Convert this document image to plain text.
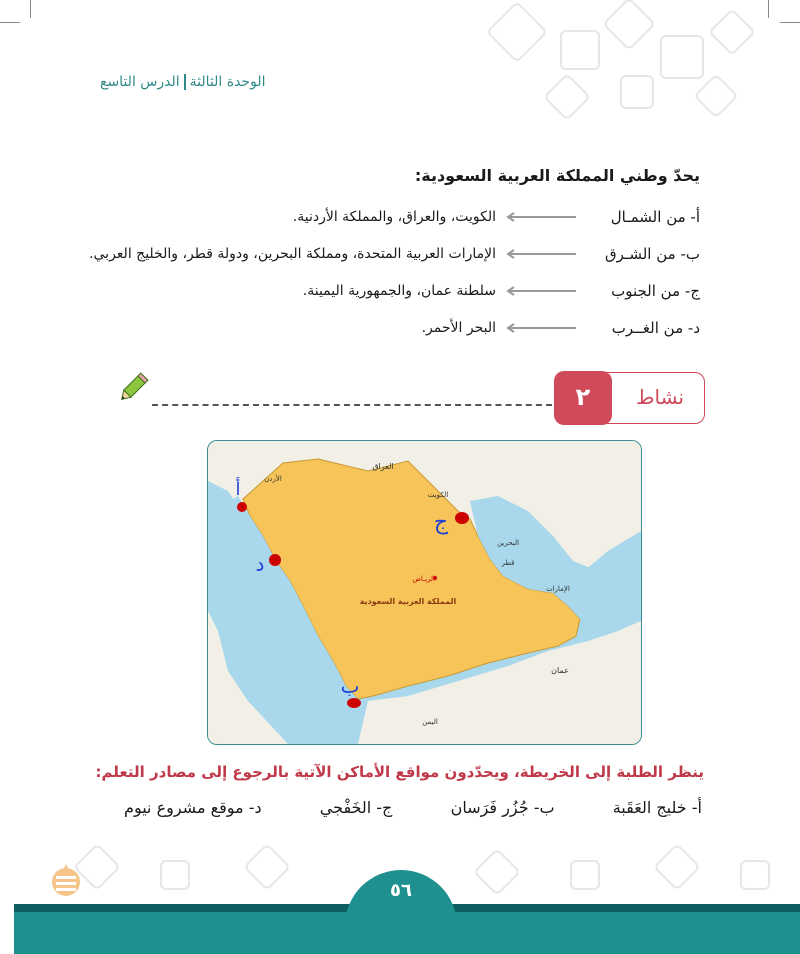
الوحدة الثالثةالدرس التاسع
يحدّ وطني المملكة العربية السعودية:
أ- من الشمـال
الكويت، والعراق، والمملكة الأردنية.
ب- من الشـرق
الإمارات العربية المتحدة، ومملكة البحرين، ودولة قطر، والخليج العربي.
ج- من الجنوب
سلطنة عمان، والجمهورية اليمينة.
د- من الغــرب
البحر الأحمر.
نشاط
٢
الريـاض
المملكة العربية السعودية
العراق
الأردن
الكويت
البحرين
قطر
الإمارات
عمان
اليمن
أ
ج
د
ب
ينظر الطلبة إلى الخريطة، ويحدّدون مواقع الأماكن الآتية بالرجوع إلى مصادر التعلم:
أ- خليج العَقَبة  ب- جُزُر فَرَسان  ج- الخَفْجي  د- موقع مشروع نيوم
٥٦
